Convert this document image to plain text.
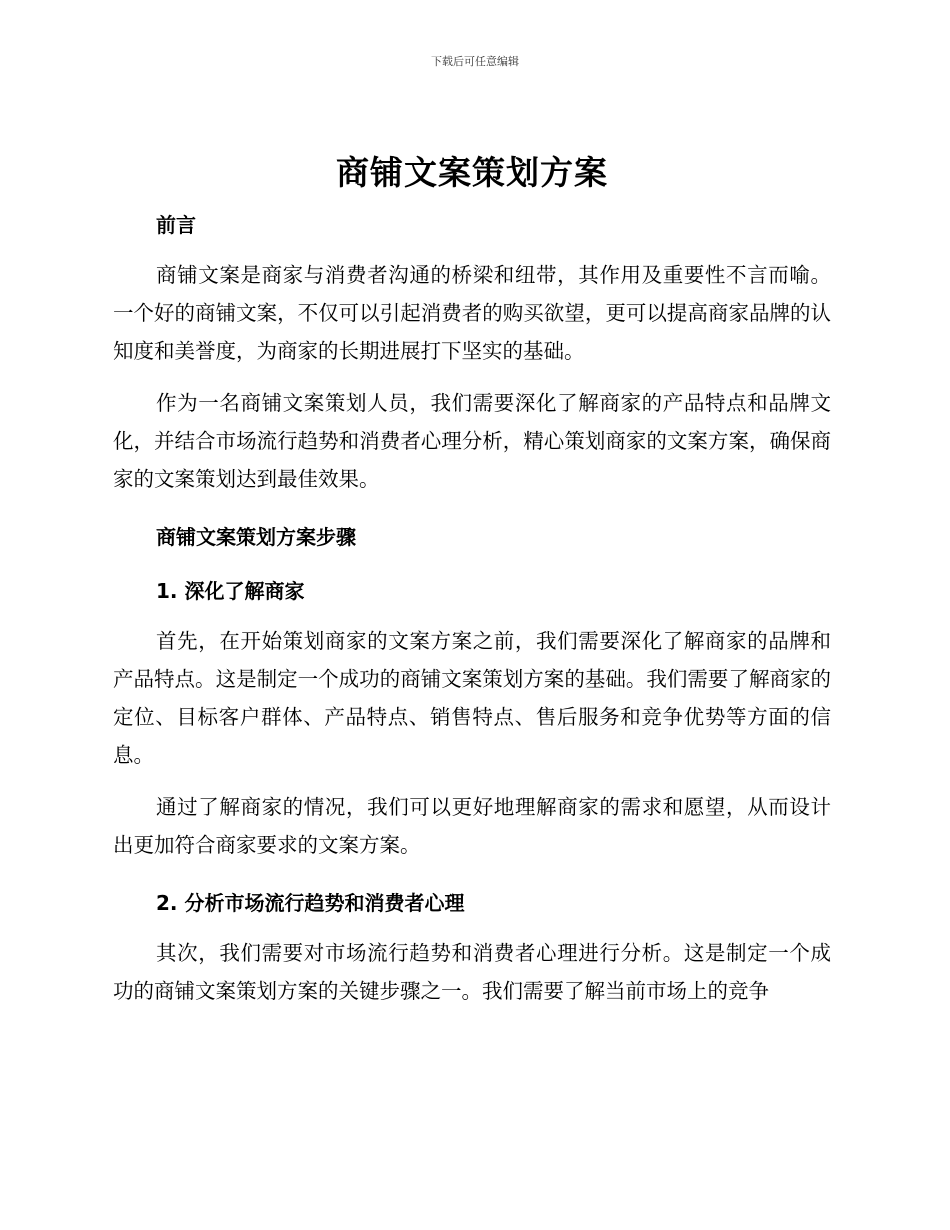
下载后可任意编辑
商铺文案策划方案

前言

商铺文案是商家与消费者沟通的桥梁和纽带，其作用及重要性不言而喻。一个好的商铺文案，不仅可以引起消费者的购买欲望，更可以提高商家品牌的认知度和美誉度，为商家的长期进展打下坚实的基础。

作为一名商铺文案策划人员，我们需要深化了解商家的产品特点和品牌文化，并结合市场流行趋势和消费者心理分析，精心策划商家的文案方案，确保商家的文案策划达到最佳效果。

商铺文案策划方案步骤

1. 深化了解商家

首先，在开始策划商家的文案方案之前，我们需要深化了解商家的品牌和产品特点。这是制定一个成功的商铺文案策划方案的基础。我们需要了解商家的定位、目标客户群体、产品特点、销售特点、售后服务和竞争优势等方面的信息。

通过了解商家的情况，我们可以更好地理解商家的需求和愿望，从而设计出更加符合商家要求的文案方案。

2. 分析市场流行趋势和消费者心理

其次，我们需要对市场流行趋势和消费者心理进行分析。这是制定一个成功的商铺文案策划方案的关键步骤之一。我们需要了解当前市场上的竞争
